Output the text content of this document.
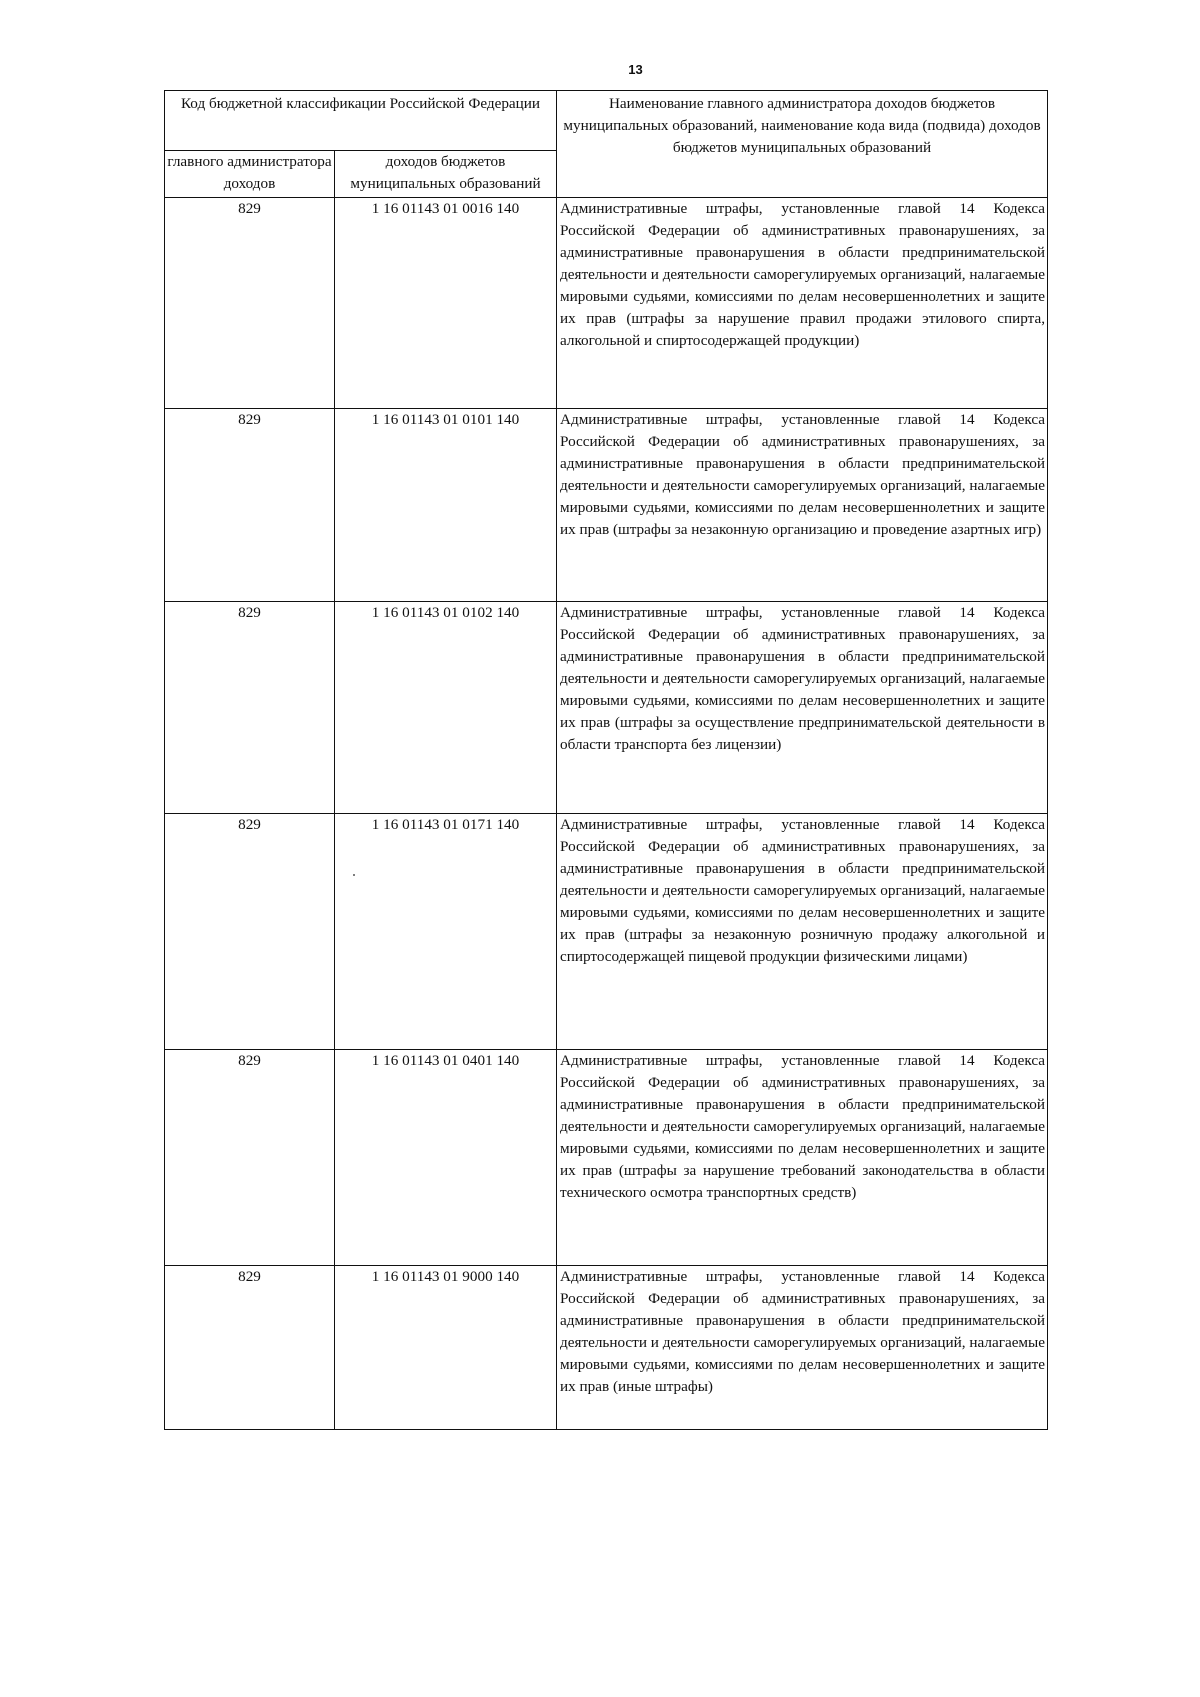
13
Код бюджетной классификации Российской Федерации		Наименование главного администратора доходов бюджетов муниципальных образований, наименование кода вида (подвида) доходов бюджетов муниципальных образований
главного администратора доходов	доходов бюджетов муниципальных образований	
829	1 16 01143 01 0016 140	Административные штрафы, установленные главой 14 Кодекса Российской Федерации об административных правонарушениях, за административные правонарушения в области предпринимательской деятельности и деятельности саморегулируемых организаций, налагаемые мировыми судьями, комиссиями по делам несовершеннолетних и защите их прав (штрафы за нарушение правил продажи этилового спирта, алкогольной и спиртосодержащей продукции)
829	1 16 01143 01 0101 140	Административные штрафы, установленные главой 14 Кодекса Российской Федерации об административных правонарушениях, за административные правонарушения в области предпринимательской деятельности и деятельности саморегулируемых организаций, налагаемые мировыми судьями, комиссиями по делам несовершеннолетних и защите их прав (штрафы за незаконную организацию и проведение азартных игр)
829	1 16 01143 01 0102 140	Административные штрафы, установленные главой 14 Кодекса Российской Федерации об административных правонарушениях, за административные правонарушения в области предпринимательской деятельности и деятельности саморегулируемых организаций, налагаемые мировыми судьями, комиссиями по делам несовершеннолетних и защите их прав (штрафы за осуществление предпринимательской деятельности в области транспорта без лицензии)
829	1 16 01143 01 0171 140	Административные штрафы, установленные главой 14 Кодекса Российской Федерации об административных правонарушениях, за административные правонарушения в области предпринимательской деятельности и деятельности саморегулируемых организаций, налагаемые мировыми судьями, комиссиями по делам несовершеннолетних и защите их прав (штрафы за незаконную розничную продажу алкогольной и спиртосодержащей пищевой продукции физическими лицами)
829	1 16 01143 01 0401 140	Административные штрафы, установленные главой 14 Кодекса Российской Федерации об административных правонарушениях, за административные правонарушения в области предпринимательской деятельности и деятельности саморегулируемых организаций, налагаемые мировыми судьями, комиссиями по делам несовершеннолетних и защите их прав (штрафы за нарушение требований законодательства в области технического осмотра транспортных средств)
829	1 16 01143 01 9000 140	Административные штрафы, установленные главой 14 Кодекса Российской Федерации об административных правонарушениях, за административные правонарушения в области предпринимательской деятельности и деятельности саморегулируемых организаций, налагаемые мировыми судьями, комиссиями по делам несовершеннолетних и защите их прав (иные штрафы)
